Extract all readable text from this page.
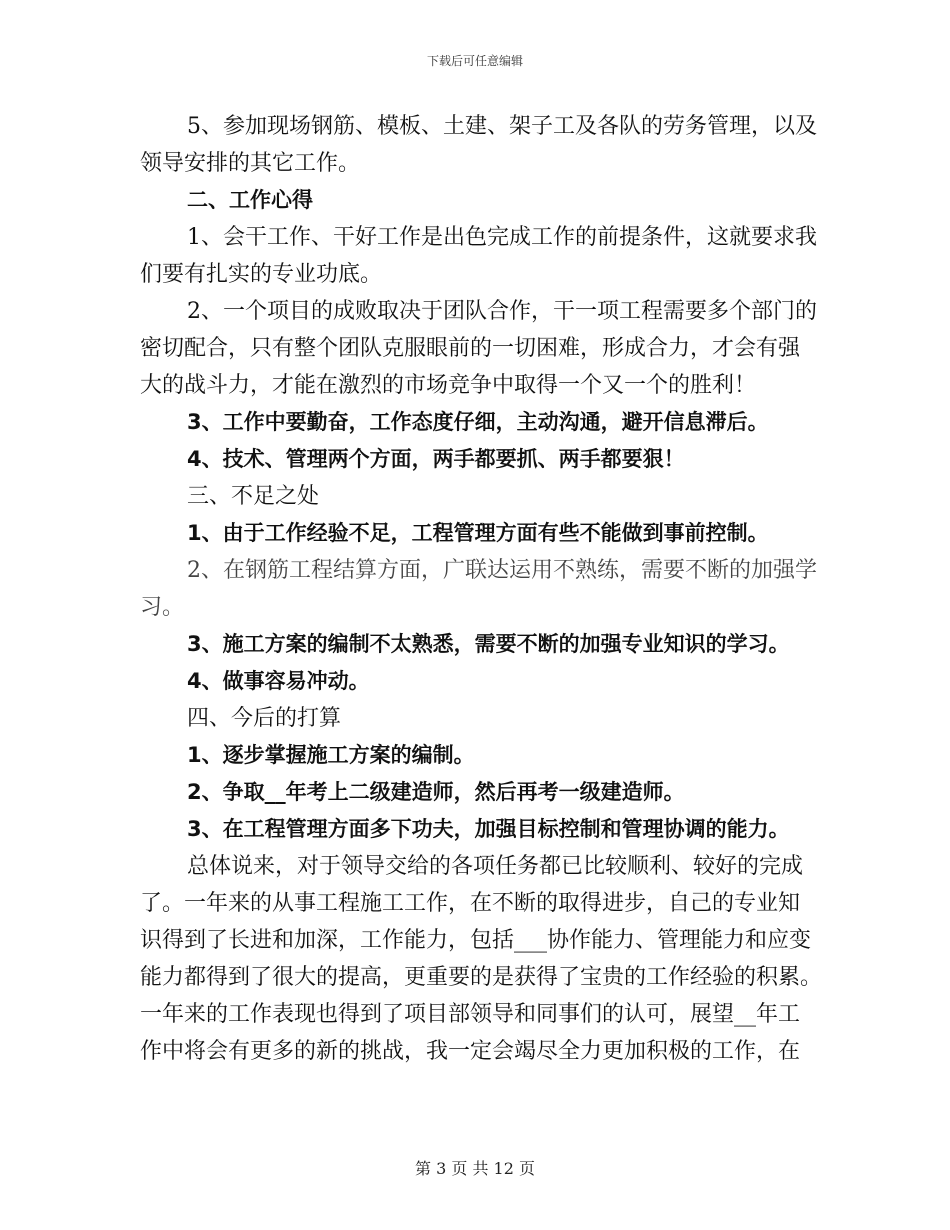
下载后可任意编辑
5、参加现场钢筋、模板、土建、架子工及各队的劳务管理，以及
领导安排的其它工作。
二、工作心得
1、会干工作、干好工作是出色完成工作的前提条件，这就要求我
们要有扎实的专业功底。
2、一个项目的成败取决于团队合作，干一项工程需要多个部门的
密切配合，只有整个团队克服眼前的一切困难，形成合力，才会有强
大的战斗力，才能在激烈的市场竞争中取得一个又一个的胜利！
3、工作中要勤奋，工作态度仔细，主动沟通，避开信息滞后。
4、技术、管理两个方面，两手都要抓、两手都要狠！
三、不足之处
1、由于工作经验不足，工程管理方面有些不能做到事前控制。
2、在钢筋工程结算方面，广联达运用不熟练，需要不断的加强学
习。
3、施工方案的编制不太熟悉，需要不断的加强专业知识的学习。
4、做事容易冲动。
四、今后的打算
1、逐步掌握施工方案的编制。
2、争取__年考上二级建造师，然后再考一级建造师。
3、在工程管理方面多下功夫，加强目标控制和管理协调的能力。
总体说来，对于领导交给的各项任务都已比较顺利、较好的完成
了。一年来的从事工程施工工作，在不断的取得进步，自己的专业知
识得到了长进和加深，工作能力，包括___协作能力、管理能力和应变
能力都得到了很大的提高，更重要的是获得了宝贵的工作经验的积累。
一年来的工作表现也得到了项目部领导和同事们的认可，展望__年工
作中将会有更多的新的挑战，我一定会竭尽全力更加积极的工作，在
第 3 页 共 12 页
